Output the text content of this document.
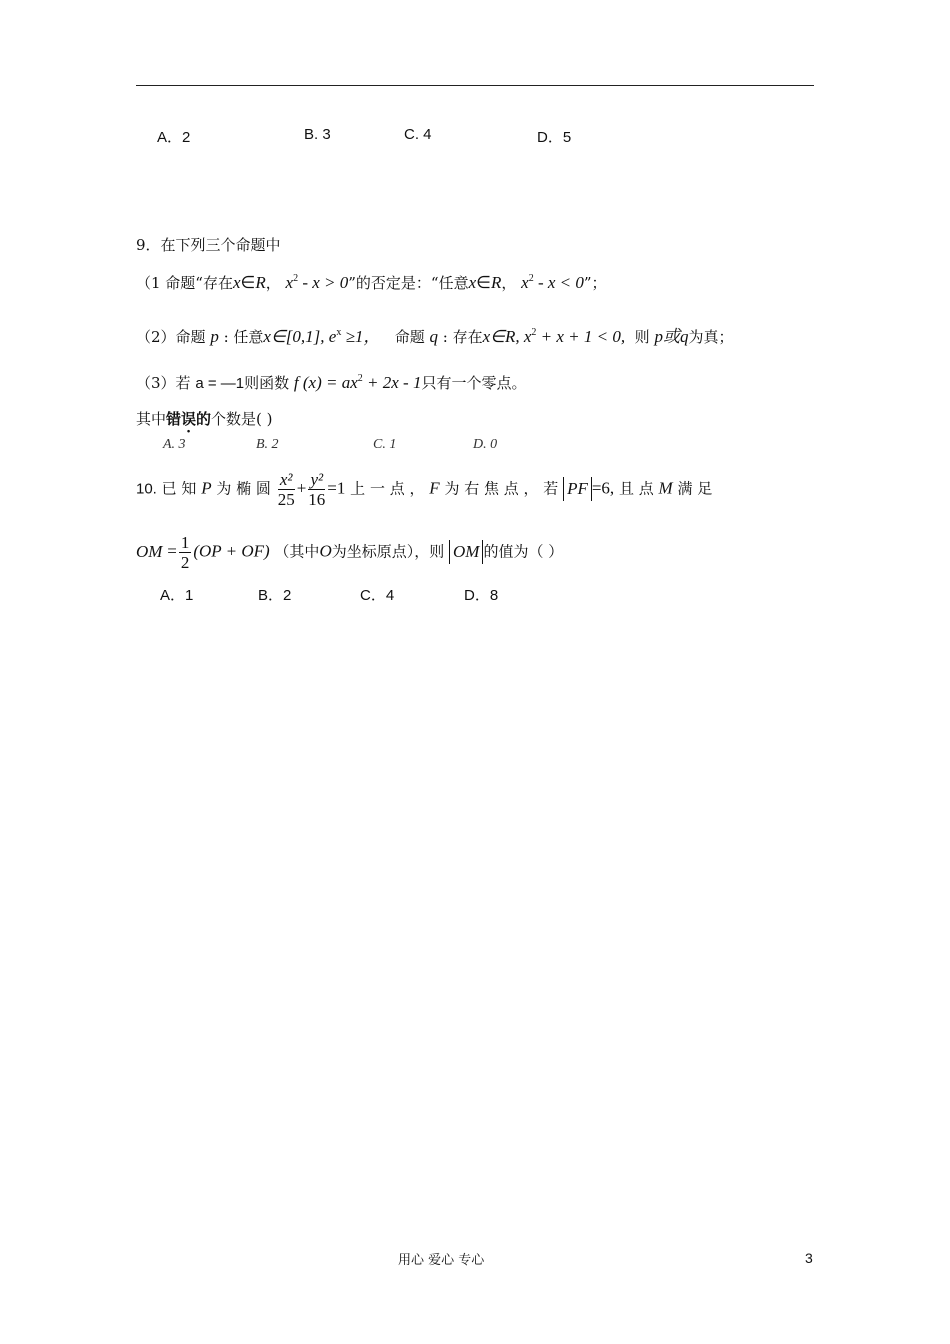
A．2	B. 3	C. 4	D．5
9．在下列三个命题中
（1 命题“存在x∈R， $x^2 - x > 0$”的否定是：“任意x∈R， $x^2 - x < 0$”；
（2）命题 p : 任意x∈[0,1], $e^x \ge 1$， 命题 q : 存在x∈R, $x^2 + x + 1 < 0$, 则 p或q为真；
（3）若 a = —1则函数 f $(x) = ax^2 + 2x - 1$只有一个零点。
其中错误的个数是( )
A. 3	B. 2	C. 1	D. 0
10. 已 知 P 为 椭 圆 $\frac{\text{x²}}{25} + \frac{\text{y²}}{16} =1$ 上 一 点 ， F 为 右 焦 点 ， 若 PF =6, 且 点 M 满 足
OM = $\frac{1}{2} (OP + OF)$ （其中O为坐标原点），则 OM 的值为（ ）
A．1	B．2	C．4	D．8
用心 爱心 专心	3
